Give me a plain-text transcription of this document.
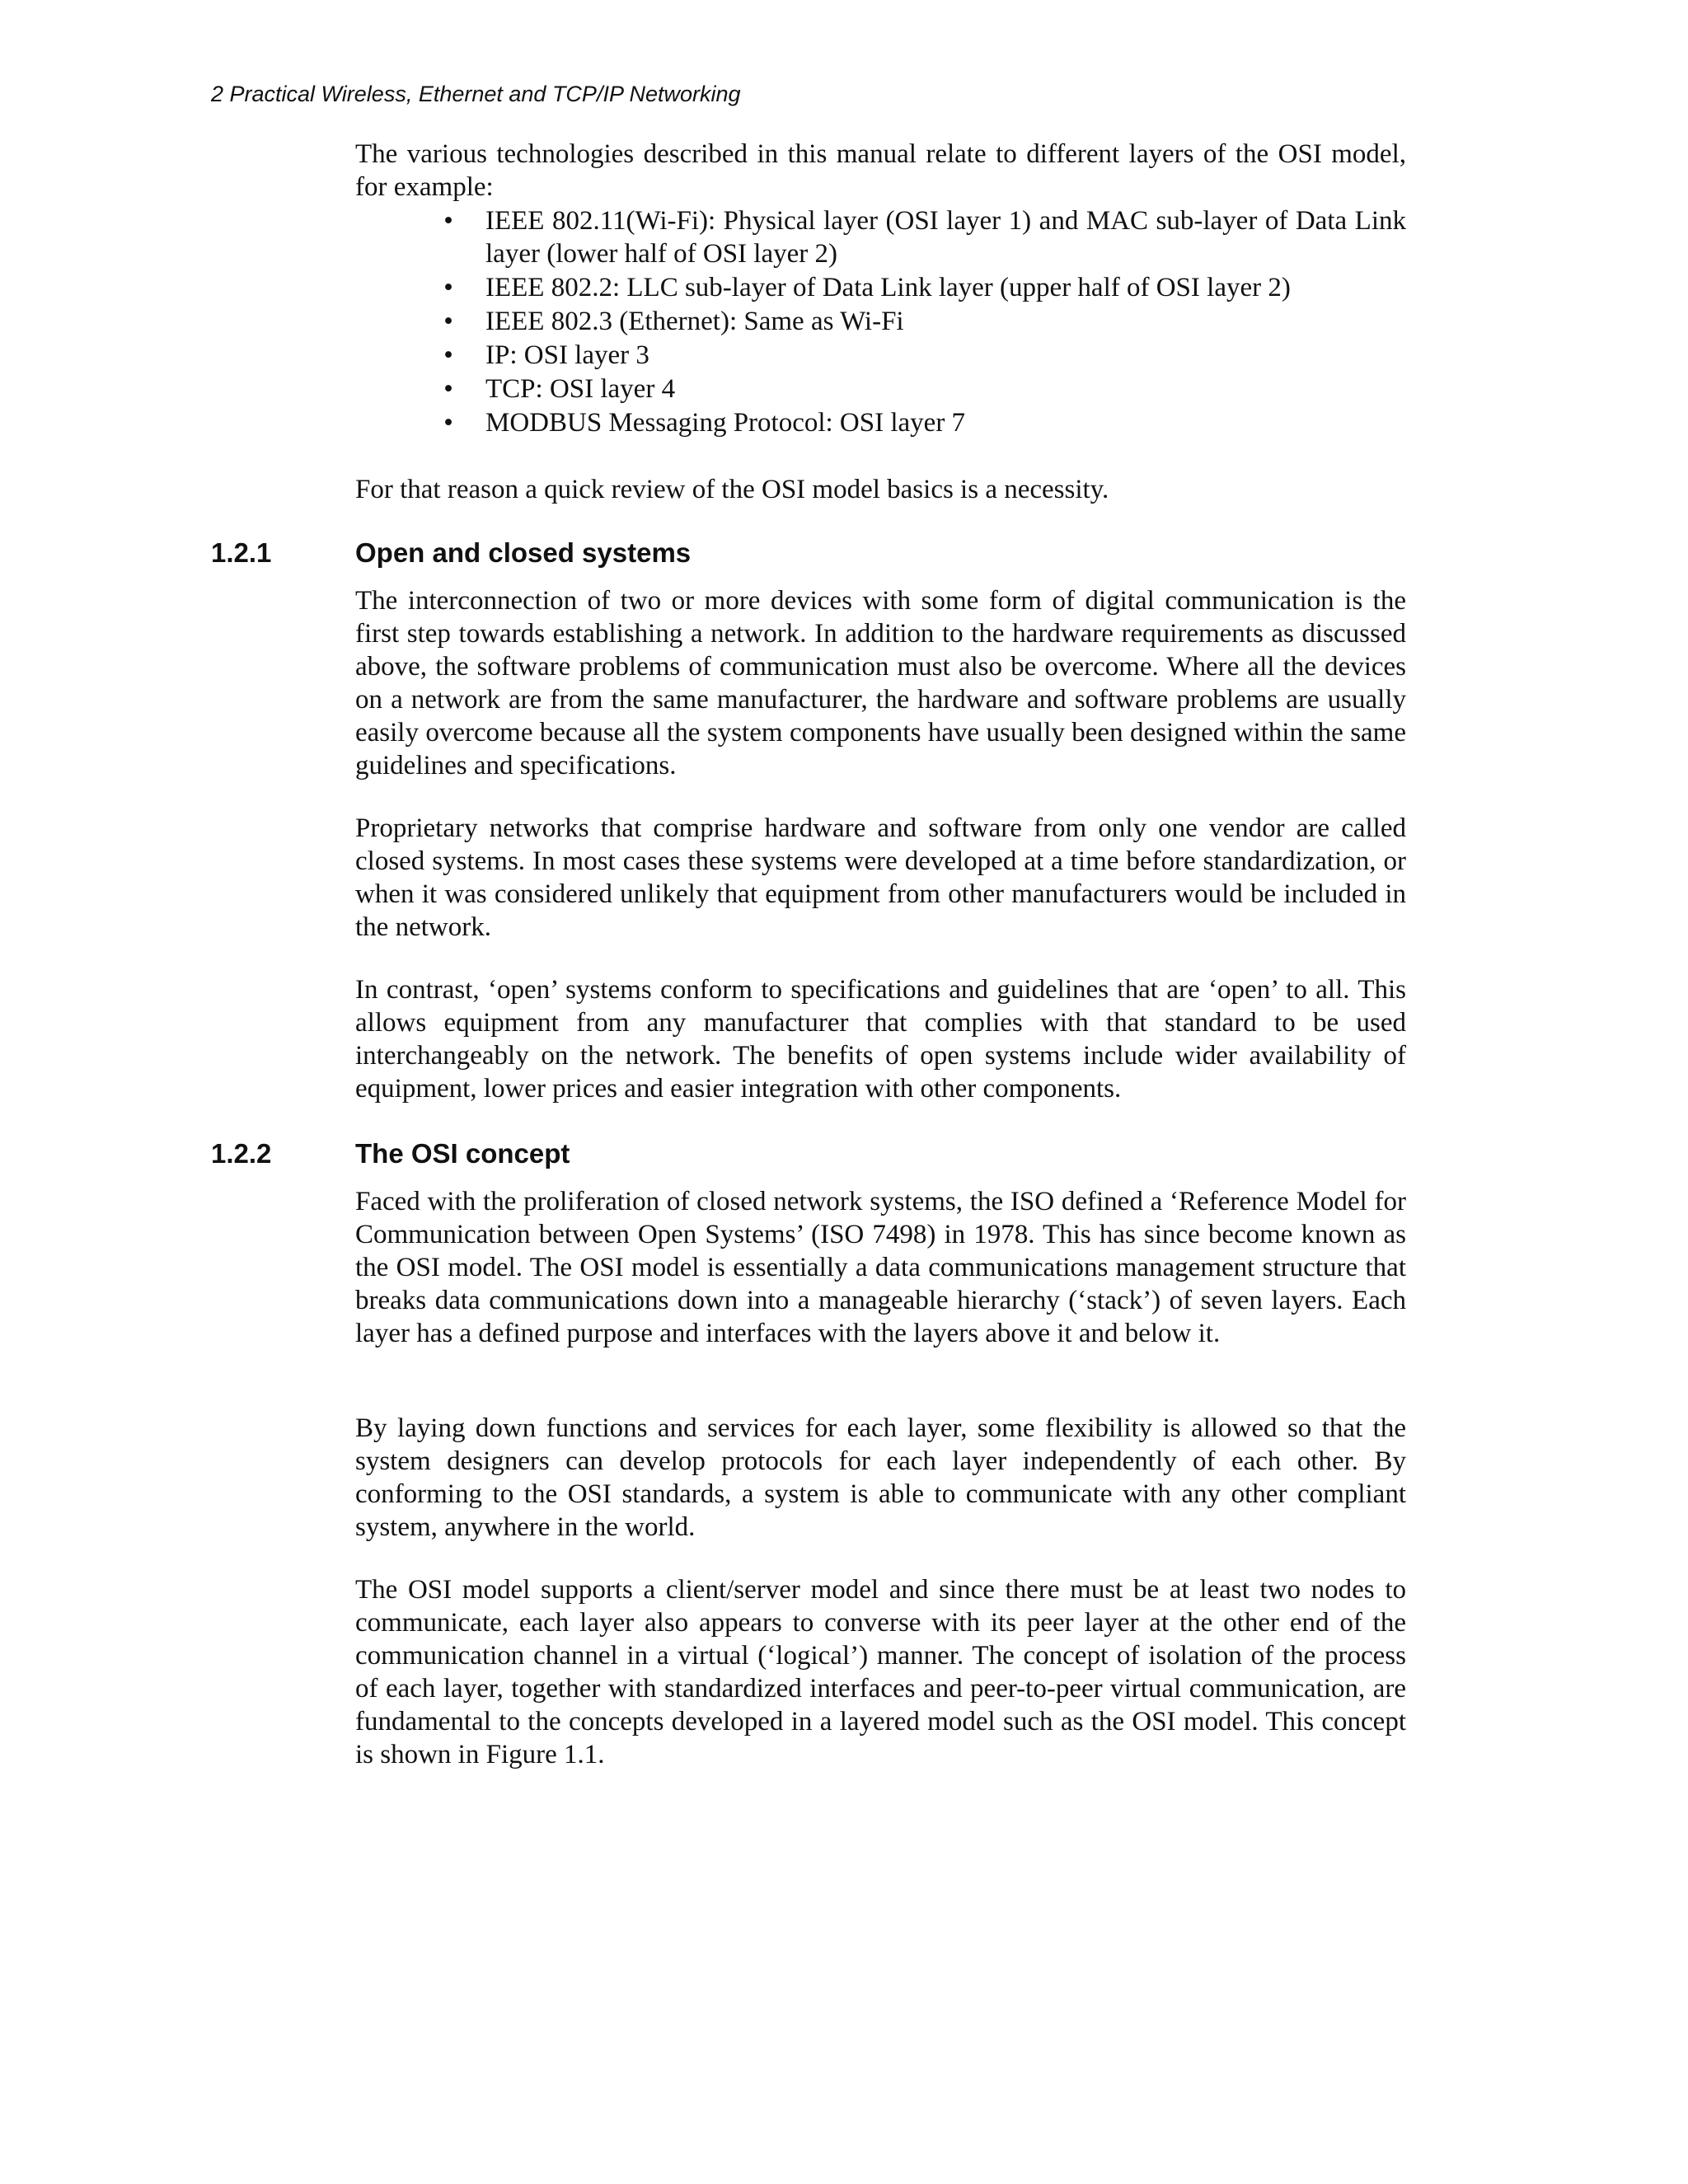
2 Practical Wireless, Ethernet and TCP/IP Networking

The various technologies described in this manual relate to different layers of the OSI model, for example:

• IEEE 802.11(Wi-Fi): Physical layer (OSI layer 1) and MAC sub-layer of Data Link layer (lower half of OSI layer 2)
• IEEE 802.2: LLC sub-layer of Data Link layer (upper half of OSI layer 2)
• IEEE 802.3 (Ethernet): Same as Wi-Fi
• IP: OSI layer 3
• TCP: OSI layer 4
• MODBUS Messaging Protocol: OSI layer 7

For that reason a quick review of the OSI model basics is a necessity.

1.2.1	Open and closed systems

The interconnection of two or more devices with some form of digital communication is the first step towards establishing a network. In addition to the hardware requirements as discussed above, the software problems of communication must also be overcome. Where all the devices on a network are from the same manufacturer, the hardware and software problems are usually easily overcome because all the system components have usually been designed within the same guidelines and specifications.

Proprietary networks that comprise hardware and software from only one vendor are called closed systems. In most cases these systems were developed at a time before standardization, or when it was considered unlikely that equipment from other manufacturers would be included in the network.

In contrast, ‘open’ systems conform to specifications and guidelines that are ‘open’ to all. This allows equipment from any manufacturer that complies with that standard to be used interchangeably on the network. The benefits of open systems include wider availability of equipment, lower prices and easier integration with other components.

1.2.2	The OSI concept

Faced with the proliferation of closed network systems, the ISO defined a ‘Reference Model for Communication between Open Systems’ (ISO 7498) in 1978. This has since become known as the OSI model. The OSI model is essentially a data communications management structure that breaks data communications down into a manageable hierarchy (‘stack’) of seven layers. Each layer has a defined purpose and interfaces with the layers above it and below it.

By laying down functions and services for each layer, some flexibility is allowed so that the system designers can develop protocols for each layer independently of each other. By conforming to the OSI standards, a system is able to communicate with any other compliant system, anywhere in the world.

The OSI model supports a client/server model and since there must be at least two nodes to communicate, each layer also appears to converse with its peer layer at the other end of the communication channel in a virtual (‘logical’) manner. The concept of isolation of the process of each layer, together with standardized interfaces and peer-to-peer virtual communication, are fundamental to the concepts developed in a layered model such as the OSI model. This concept is shown in Figure 1.1.
